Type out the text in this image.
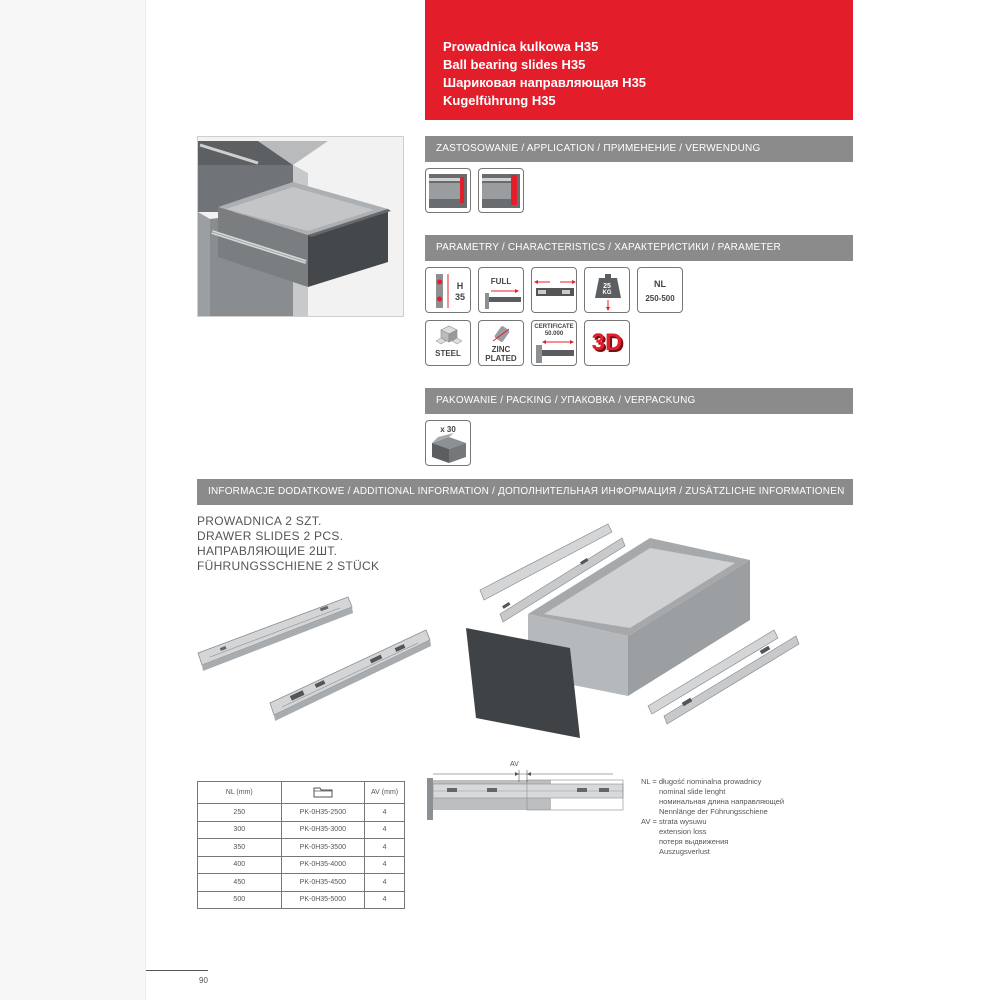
Prowadnica kulkowa H35
Ball bearing slides H35
Шариковая направляющая H35
Kugelführung H35
ZASTOSOWANIE / APPLICATION / ПРИМЕНЕНИЕ / VERWENDUNG
PARAMETRY / CHARACTERISTICS / ХАРАКТЕРИСТИКИ / PARAMETER
H
35
FULL
25
KG
NL
250-500
STEEL	ZINC
PLATED
CERTIFICATE
50.000	3D
PAKOWANIE / PACKING / УПАКОВКА / VERPACKUNG
x 30
INFORMACJE DODATKOWE / ADDITIONAL INFORMATION / ДОПОЛНИТЕЛЬНАЯ ИНФОРМАЦИЯ / ZUSÄTZLICHE INFORMATIONEN
PROWADNICA 2 SZT.
DRAWER SLIDES 2 PCS.
НАПРАВЛЯЮЩИЕ 2ШТ.
FÜHRUNGSSCHIENE 2 STÜCK
NL (mm)		AV (mm)
250	PK-0H35-2500	4
300	PK-0H35-3000	4
350	PK-0H35-3500	4
400	PK-0H35-4000	4
450	PK-0H35-4500	4
500	PK-0H35-5000	4
AV
NL = długość nominalna prowadnicy
nominal slide lenght
номинальная длина направляющей
Nennlänge der Führungsschiene
AV = strata wysuwu
extension loss
потеря выдвижения
Auszugsverlust
90
